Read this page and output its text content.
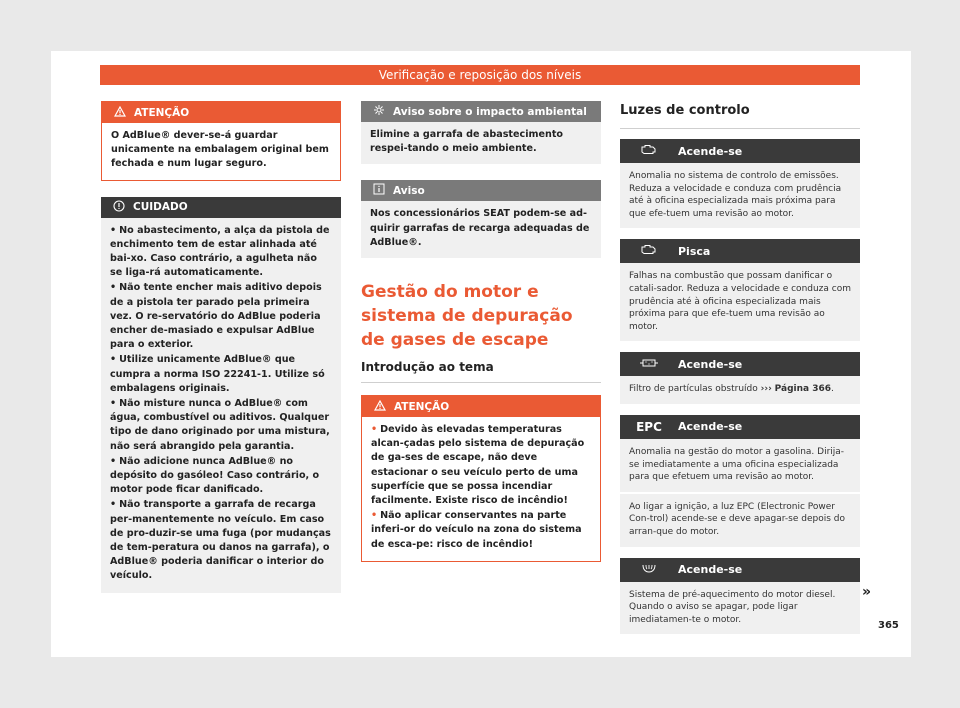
Verificação e reposição dos níveis
ATENÇÃO
O AdBlue® dever-se-á guardar unicamente na embalagem original bem fechada e num lugar seguro.
CUIDADO
• No abastecimento, a alça da pistola de enchimento tem de estar alinhada até bai-xo. Caso contrário, a agulheta não se liga-rá automaticamente.
• Não tente encher mais aditivo depois de a pistola ter parado pela primeira vez. O re-servatório do AdBlue poderia encher de-masiado e expulsar AdBlue para o exterior.
• Utilize unicamente AdBlue® que cumpra a norma ISO 22241-1. Utilize só embalagens originais.
• Não misture nunca o AdBlue® com água, combustível ou aditivos. Qualquer tipo de dano originado por uma mistura, não será abrangido pela garantia.
• Não adicione nunca AdBlue® no depósito do gasóleo! Caso contrário, o motor pode ficar danificado.
• Não transporte a garrafa de recarga per-manentemente no veículo. Em caso de pro-duzir-se uma fuga (por mudanças de tem-peratura ou danos na garrafa), o AdBlue® poderia danificar o interior do veículo.
Aviso sobre o impacto ambiental
Elimine a garrafa de abastecimento respei-tando o meio ambiente.
Aviso
Nos concessionários SEAT podem-se ad-quirir garrafas de recarga adequadas de AdBlue®.
Gestão do motor e sistema de depuração de gases de escape
Introdução ao tema
ATENÇÃO
• Devido às elevadas temperaturas alcan-çadas pelo sistema de depuração de ga-ses de escape, não deve estacionar o seu veículo perto de uma superfície que se possa incendiar facilmente. Existe risco de incêndio!
• Não aplicar conservantes na parte inferi-or do veículo na zona do sistema de esca-pe: risco de incêndio!
Luzes de controlo
Acende-se
Anomalia no sistema de controlo de emissões. Reduza a velocidade e conduza com prudência até à oficina especializada mais próxima para que efe-tuem uma revisão ao motor.
Pisca
Falhas na combustão que possam danificar o catali-sador. Reduza a velocidade e conduza com prudência até à oficina especializada mais próxima para que efe-tuem uma revisão ao motor.
Acende-se
Filtro de partículas obstruído ››› Página 366.
EPC	Acende-se
Anomalia na gestão do motor a gasolina. Dirija-se imediatamente a uma oficina especializada para que efetuem uma revisão ao motor.
Ao ligar a ignição, a luz EPC (Electronic Power Con-trol) acende-se e deve apagar-se depois do arran-que do motor.
Acende-se
Sistema de pré-aquecimento do motor diesel. Quando o aviso se apagar, pode ligar imediatamen-te o motor.
»
365
